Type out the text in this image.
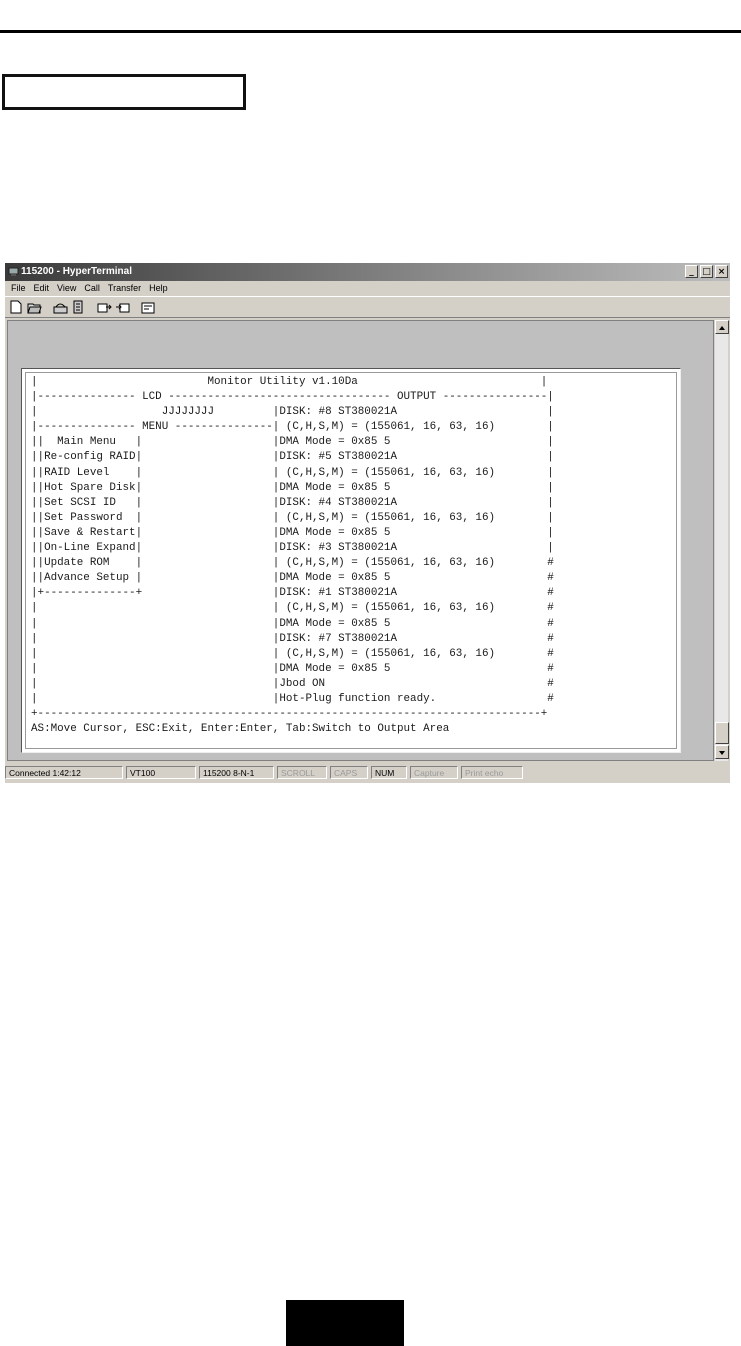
115200 - HyperTerminal	_ □ ×
File Edit View Call Transfer Help
|                          Monitor Utility v1.10Da                            |
|--------------- LCD ---------------------------------- OUTPUT ----------------|
|                   JJJJJJJJ         |DISK: #8 ST380021A                       |
|--------------- MENU ---------------| (C,H,S,M) = (155061, 16, 63, 16)        |
||  Main Menu   |                    |DMA Mode = 0x85 5                        |
||Re-config RAID|                    |DISK: #5 ST380021A                       |
||RAID Level    |                    | (C,H,S,M) = (155061, 16, 63, 16)        |
||Hot Spare Disk|                    |DMA Mode = 0x85 5                        |
||Set SCSI ID   |                    |DISK: #4 ST380021A                       |
||Set Password  |                    | (C,H,S,M) = (155061, 16, 63, 16)        |
||Save & Restart|                    |DMA Mode = 0x85 5                        |
||On-Line Expand|                    |DISK: #3 ST380021A                       |
||Update ROM    |                    | (C,H,S,M) = (155061, 16, 63, 16)        #
||Advance Setup |                    |DMA Mode = 0x85 5                        #
|+--------------+                    |DISK: #1 ST380021A                       #
|                                    | (C,H,S,M) = (155061, 16, 63, 16)        #
|                                    |DMA Mode = 0x85 5                        #
|                                    |DISK: #7 ST380021A                       #
|                                    | (C,H,S,M) = (155061, 16, 63, 16)        #
|                                    |DMA Mode = 0x85 5                        #
|                                    |Jbod ON                                  #
|                                    |Hot-Plug function ready.                 #
+-----------------------------------------------------------------------------+
AS:Move Cursor, ESC:Exit, Enter:Enter, Tab:Switch to Output Area
Connected 1:42:12	VT100	115200 8-N-1	SCROLL	CAPS	NUM	Capture	Print echo
